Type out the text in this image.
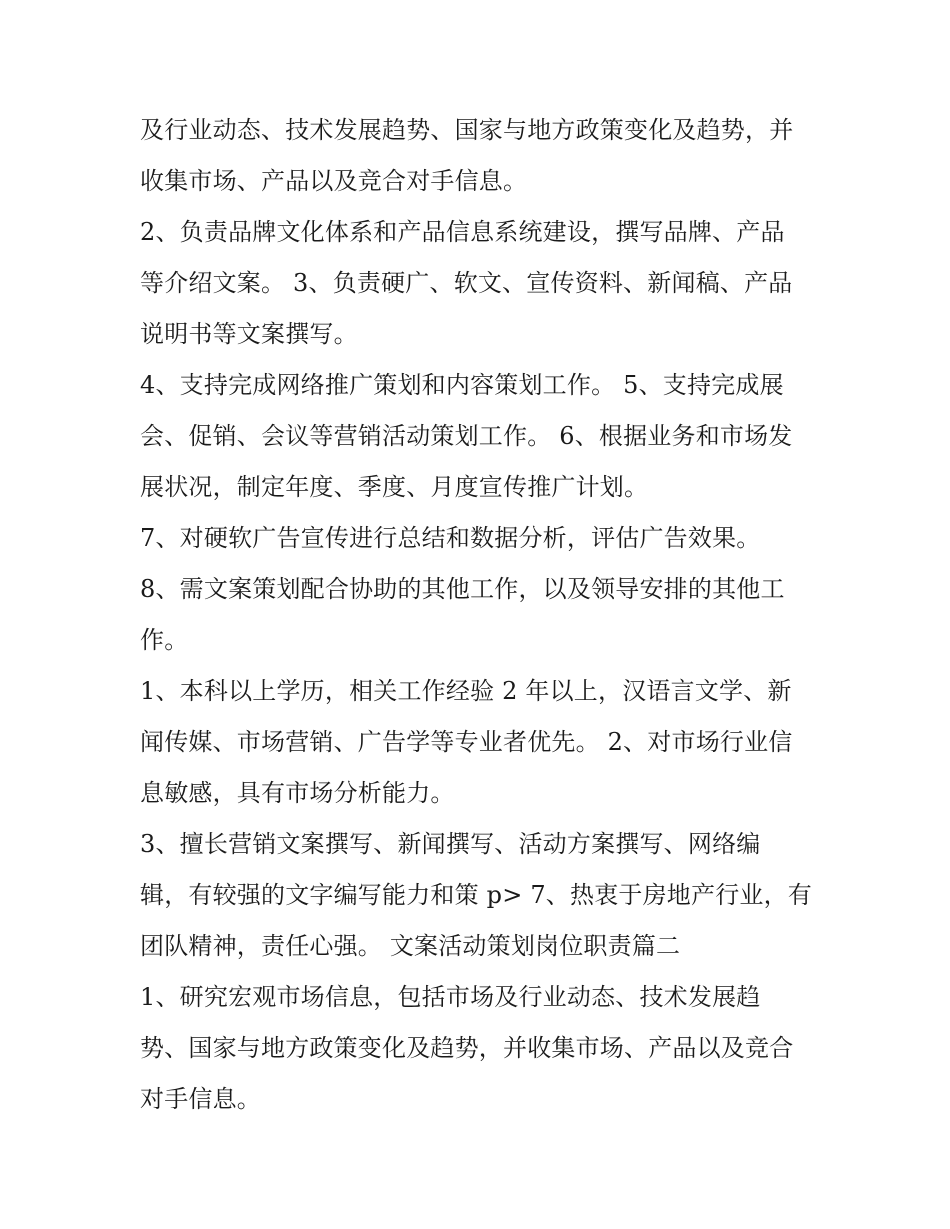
及行业动态、技术发展趋势、国家与地方政策变化及趋势，并
收集市场、产品以及竞合对手信息。
2、负责品牌文化体系和产品信息系统建设，撰写品牌、产品
等介绍文案。 3、负责硬广、软文、宣传资料、新闻稿、产品
说明书等文案撰写。
4、支持完成网络推广策划和内容策划工作。 5、支持完成展
会、促销、会议等营销活动策划工作。 6、根据业务和市场发
展状况，制定年度、季度、月度宣传推广计划。
7、对硬软广告宣传进行总结和数据分析，评估广告效果。
8、需文案策划配合协助的其他工作，以及领导安排的其他工
作。
1、本科以上学历，相关工作经验 2 年以上，汉语言文学、新
闻传媒、市场营销、广告学等专业者优先。 2、对市场行业信
息敏感，具有市场分析能力。
3、擅长营销文案撰写、新闻撰写、活动方案撰写、网络编
辑，有较强的文字编写能力和策 p> 7、热衷于房地产行业，有
团队精神，责任心强。 文案活动策划岗位职责篇二
1、研究宏观市场信息，包括市场及行业动态、技术发展趋
势、国家与地方政策变化及趋势，并收集市场、产品以及竞合
对手信息。
